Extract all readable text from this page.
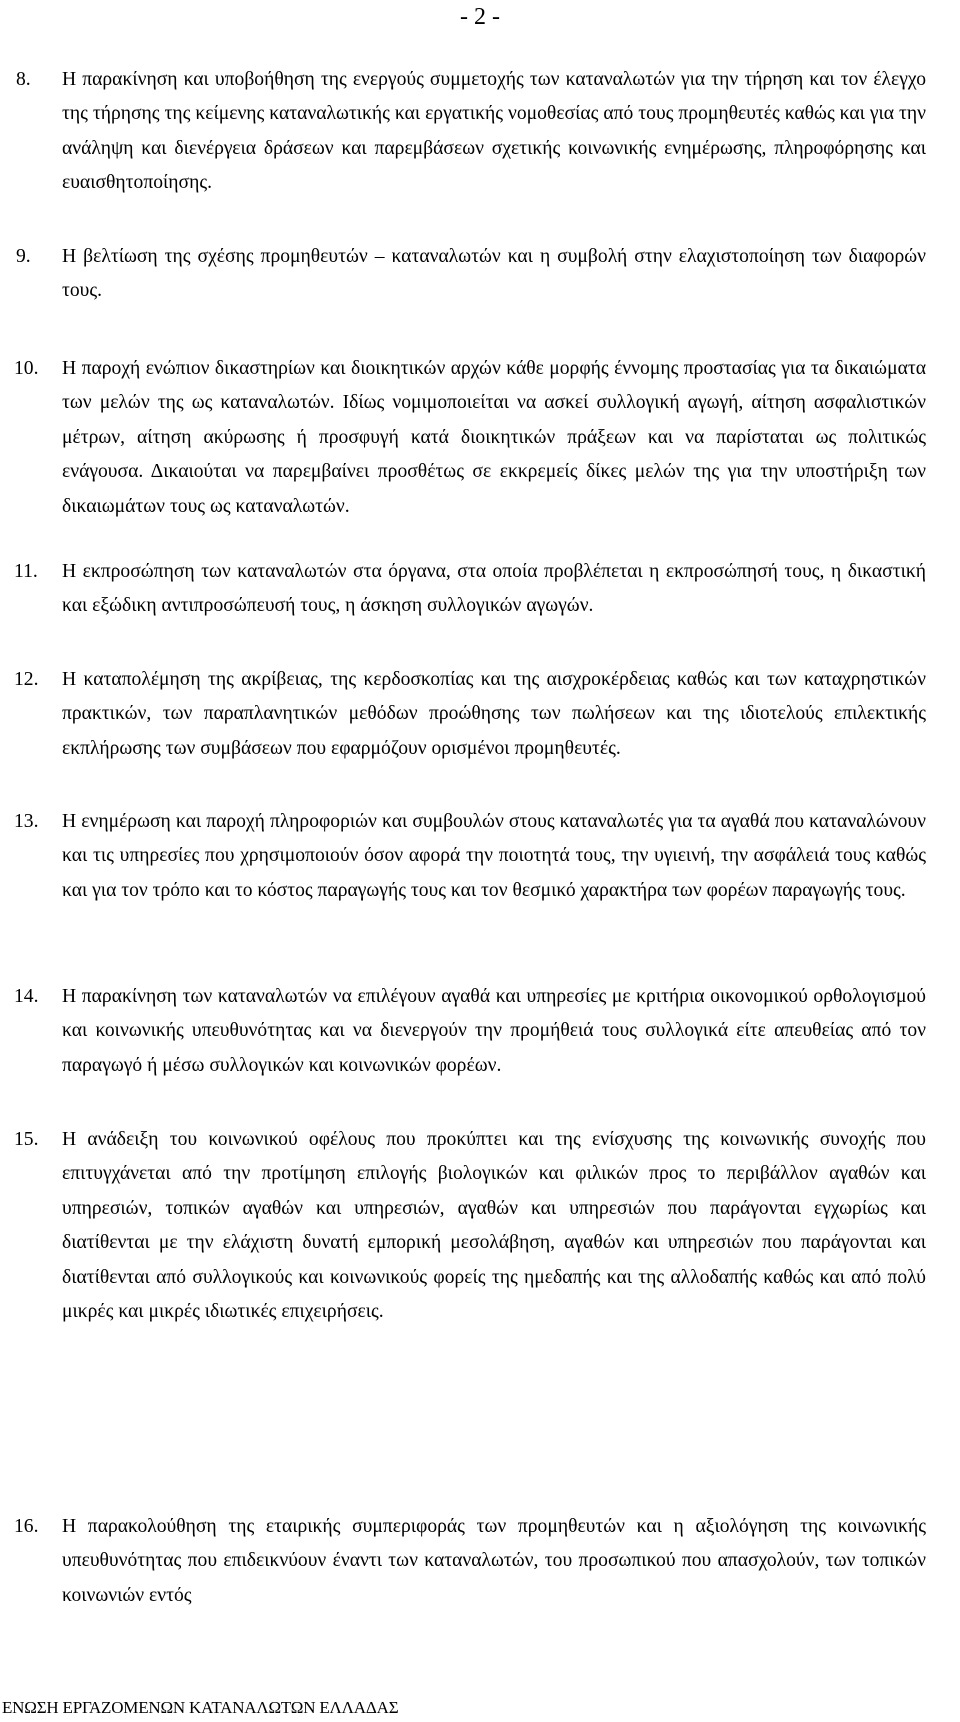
- 2 -
8.	Η παρακίνηση και υποβοήθηση της ενεργούς συμμετοχής των καταναλωτών για την τήρηση και τον έλεγχο της τήρησης της κείμενης καταναλωτικής και εργατικής νομοθεσίας από τους προμηθευτές καθώς και για την ανάληψη και διενέργεια δράσεων και παρεμβάσεων σχετικής κοινωνικής ενημέρωσης, πληροφόρησης και ευαισθητοποίησης.
9.	Η βελτίωση της σχέσης προμηθευτών – καταναλωτών και η συμβολή στην ελαχιστοποίηση των διαφορών τους.
10.	Η παροχή ενώπιον δικαστηρίων και διοικητικών αρχών κάθε μορφής έννομης προστασίας για τα δικαιώματα των μελών της ως καταναλωτών. Ιδίως νομιμοποιείται να ασκεί συλλογική αγωγή, αίτηση ασφαλιστικών μέτρων, αίτηση ακύρωσης ή προσφυγή κατά διοικητικών πράξεων και να παρίσταται ως πολιτικώς ενάγουσα. Δικαιούται να παρεμβαίνει προσθέτως σε εκκρεμείς δίκες μελών της για την υποστήριξη των δικαιωμάτων τους ως καταναλωτών.
11.	Η εκπροσώπηση των καταναλωτών στα όργανα, στα οποία προβλέπεται η εκπροσώπησή τους, η δικαστική και εξώδικη αντιπροσώπευσή τους, η άσκηση συλλογικών αγωγών.
12.	Η καταπολέμηση της ακρίβειας, της κερδοσκοπίας και της αισχροκέρδειας καθώς και των καταχρηστικών πρακτικών, των παραπλανητικών μεθόδων προώθησης των πωλήσεων και της ιδιοτελούς επιλεκτικής εκπλήρωσης των συμβάσεων που εφαρμόζουν ορισμένοι προμηθευτές.
13.	Η ενημέρωση και παροχή πληροφοριών και συμβουλών στους καταναλωτές για τα αγαθά που καταναλώνουν και τις υπηρεσίες που χρησιμοποιούν όσον αφορά την ποιοτητά τους, την υγιεινή, την ασφάλειά τους καθώς και για τον τρόπο και το κόστος παραγωγής τους και τον θεσμικό χαρακτήρα των φορέων παραγωγής τους.
14.	Η παρακίνηση των καταναλωτών να επιλέγουν αγαθά και υπηρεσίες με κριτήρια οικονομικού ορθολογισμού και κοινωνικής υπευθυνότητας και να διενεργούν την προμήθειά τους συλλογικά είτε απευθείας από τον παραγωγό ή μέσω συλλογικών και κοινωνικών φορέων.
15.	Η ανάδειξη του κοινωνικού οφέλους που προκύπτει και της ενίσχυσης της κοινωνικής συνοχής που επιτυγχάνεται από την προτίμηση επιλογής βιολογικών και φιλικών προς το περιβάλλον αγαθών και υπηρεσιών, τοπικών αγαθών και υπηρεσιών, αγαθών και υπηρεσιών που παράγονται εγχωρίως και διατίθενται με την ελάχιστη δυνατή εμπορική μεσολάβηση, αγαθών και υπηρεσιών που παράγονται και διατίθενται από συλλογικούς και κοινωνικούς φορείς της ημεδαπής και της αλλοδαπής καθώς και από πολύ μικρές και μικρές ιδιωτικές επιχειρήσεις.
16.	Η παρακολούθηση της εταιρικής συμπεριφοράς των προμηθευτών και η αξιολόγηση της κοινωνικής υπευθυνότητας που επιδεικνύουν έναντι των καταναλωτών, του προσωπικού που απασχολούν, των τοπικών κοινωνιών εντός
ΕΝΩΣΗ ΕΡΓΑΖΟΜΕΝΩΝ ΚΑΤΑΝΑΛΩΤΩΝ ΕΛΛΑΔΑΣ
